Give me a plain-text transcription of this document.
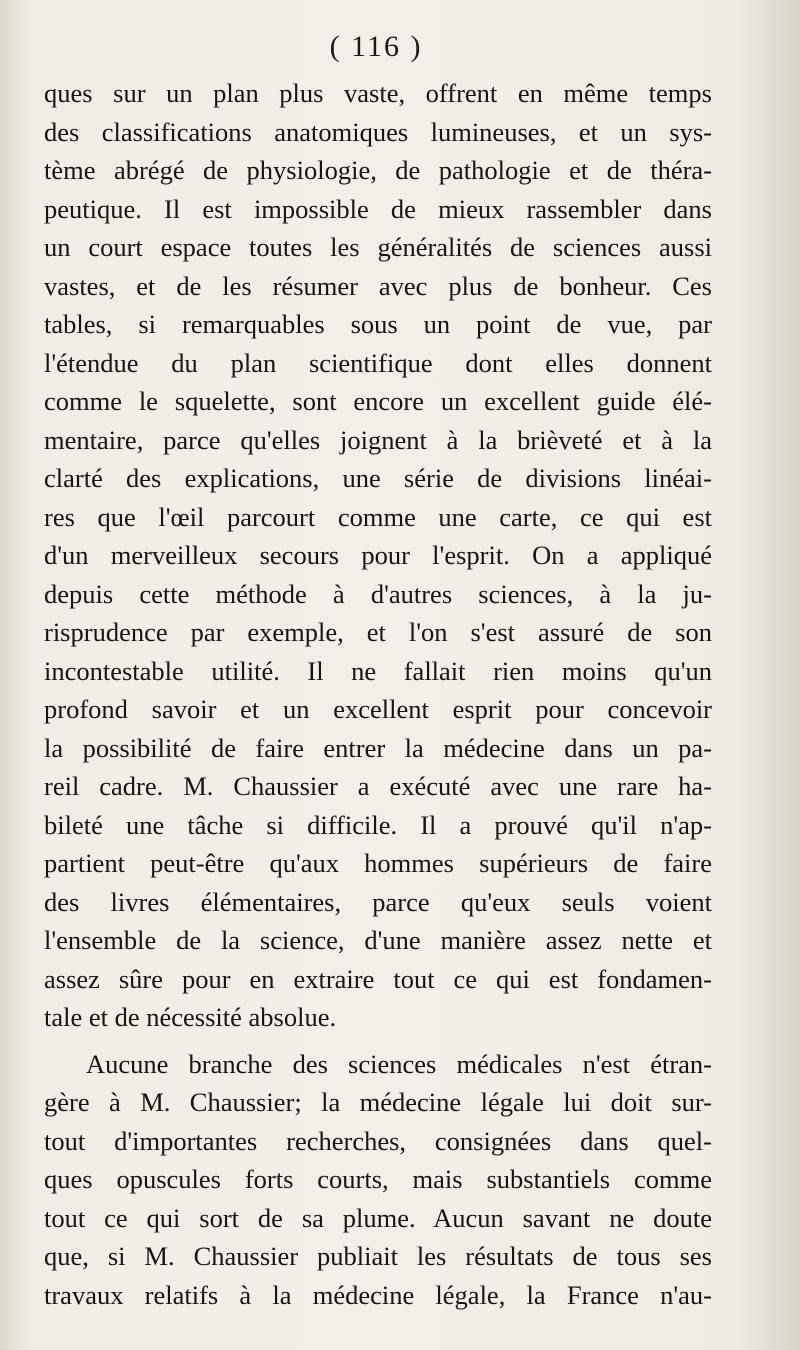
( 116 )
ques sur un plan plus vaste, offrent en même temps
des classifications anatomiques lumineuses, et un sys-
tème abrégé de physiologie, de pathologie et de théra-
peutique. Il est impossible de mieux rassembler dans
un court espace toutes les généralités de sciences aussi
vastes, et de les résumer avec plus de bonheur. Ces
tables, si remarquables sous un point de vue, par
l'étendue du plan scientifique dont elles donnent
comme le squelette, sont encore un excellent guide élé-
mentaire, parce qu'elles joignent à la brièveté et à la
clarté des explications, une série de divisions linéai-
res que l'œil parcourt comme une carte, ce qui est
d'un merveilleux secours pour l'esprit. On a appliqué
depuis cette méthode à d'autres sciences, à la ju-
risprudence par exemple, et l'on s'est assuré de son
incontestable utilité. Il ne fallait rien moins qu'un
profond savoir et un excellent esprit pour concevoir
la possibilité de faire entrer la médecine dans un pa-
reil cadre. M. Chaussier a exécuté avec une rare ha-
bileté une tâche si difficile. Il a prouvé qu'il n'ap-
partient peut-être qu'aux hommes supérieurs de faire
des livres élémentaires, parce qu'eux seuls voient
l'ensemble de la science, d'une manière assez nette et
assez sûre pour en extraire tout ce qui est fondamen-
tale et de nécessité absolue.
Aucune branche des sciences médicales n'est étran-
gère à M. Chaussier; la médecine légale lui doit sur-
tout d'importantes recherches, consignées dans quel-
ques opuscules forts courts, mais substantiels comme
tout ce qui sort de sa plume. Aucun savant ne doute
que, si M. Chaussier publiait les résultats de tous ses
travaux relatifs à la médecine légale, la France n'au-
